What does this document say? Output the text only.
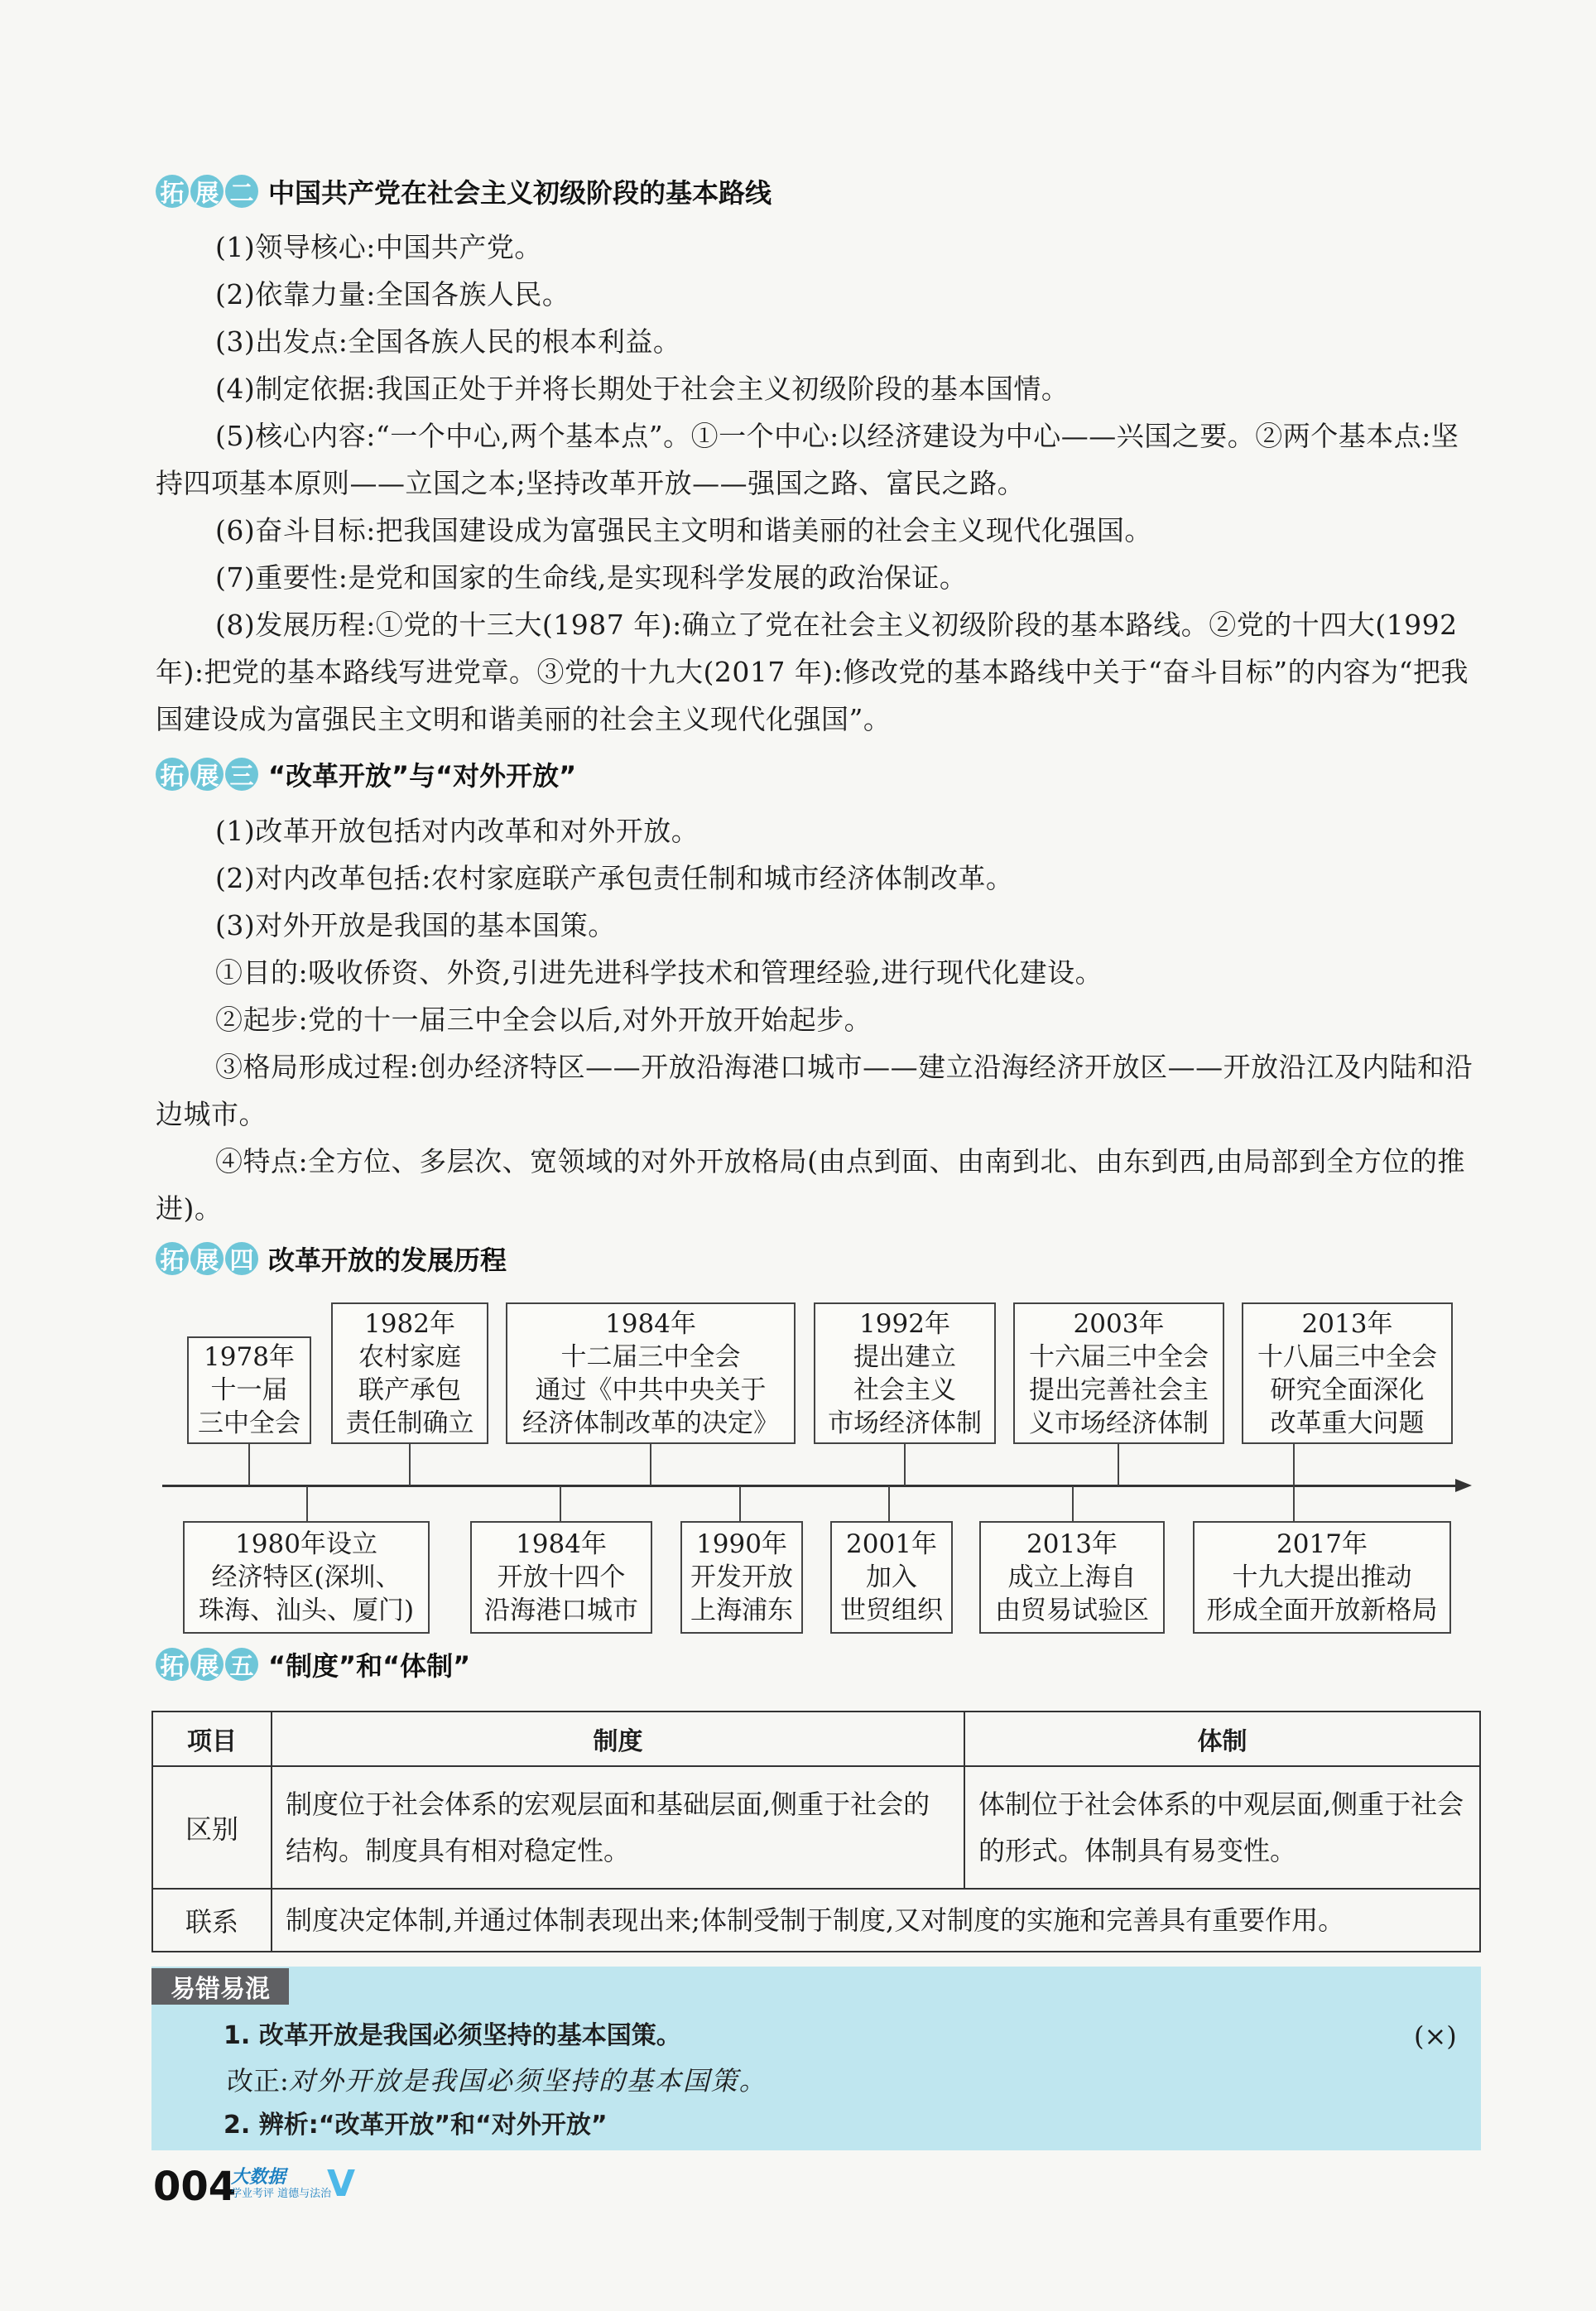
拓 展 二 中国共产党在社会主义初级阶段的基本路线

(1)领导核心:中国共产党。

(2)依靠力量:全国各族人民。

(3)出发点:全国各族人民的根本利益。

(4)制定依据:我国正处于并将长期处于社会主义初级阶段的基本国情。

(5)核心内容:“一个中心,两个基本点”。①一个中心:以经济建设为中心——兴国之要。②两个基本点:坚持四项基本原则——立国之本;坚持改革开放——强国之路、富民之路。

(6)奋斗目标:把我国建设成为富强民主文明和谐美丽的社会主义现代化强国。

(7)重要性:是党和国家的生命线,是实现科学发展的政治保证。

(8)发展历程:①党的十三大(1987 年):确立了党在社会主义初级阶段的基本路线。②党的十四大(1992 年):把党的基本路线写进党章。③党的十九大(2017 年):修改党的基本路线中关于“奋斗目标”的内容为“把我国建设成为富强民主文明和谐美丽的社会主义现代化强国”。

拓 展 三 “改革开放”与“对外开放”

(1)改革开放包括对内改革和对外开放。

(2)对内改革包括:农村家庭联产承包责任制和城市经济体制改革。

(3)对外开放是我国的基本国策。

①目的:吸收侨资、外资,引进先进科学技术和管理经验,进行现代化建设。

②起步:党的十一届三中全会以后,对外开放开始起步。

③格局形成过程:创办经济特区——开放沿海港口城市——建立沿海经济开放区——开放沿江及内陆和沿边城市。

④特点:全方位、多层次、宽领域的对外开放格局(由点到面、由南到北、由东到西,由局部到全方位的推进)。

拓 展 四 改革开放的发展历程
1978年
十一届
三中全会
1982年
农村家庭
联产承包
责任制确立
1984年
十二届三中全会
通过《中共中央关于
经济体制改革的决定》
1992年
提出建立
社会主义
市场经济体制
2003年
十六届三中全会
提出完善社会主
义市场经济体制
2013年
十八届三中全会
研究全面深化
改革重大问题
1980年设立
经济特区(深圳、
珠海、汕头、厦门)
1984年
开放十四个
沿海港口城市
1990年
开发开放
上海浦东
2001年
加入
世贸组织
2013年
成立上海自
由贸易试验区
2017年
十九大提出推动
形成全面开放新格局
拓 展 五 “制度”和“体制”
项目	制度	体制
区别	制度位于社会体系的宏观层面和基础层面,侧重于社会的结构。制度具有相对稳定性。	体制位于社会体系的中观层面,侧重于社会的形式。体制具有易变性。
联系	制度决定体制,并通过体制表现出来;体制受制于制度,又对制度的实施和完善具有重要作用。	
易错易混
1. 改革开放是我国必须坚持的基本国策。	(×)
改正:对外开放是我国必须坚持的基本国策。
2. 辨析:“改革开放”和“对外开放”
004
大数据
学业考评 道德与法治
V
